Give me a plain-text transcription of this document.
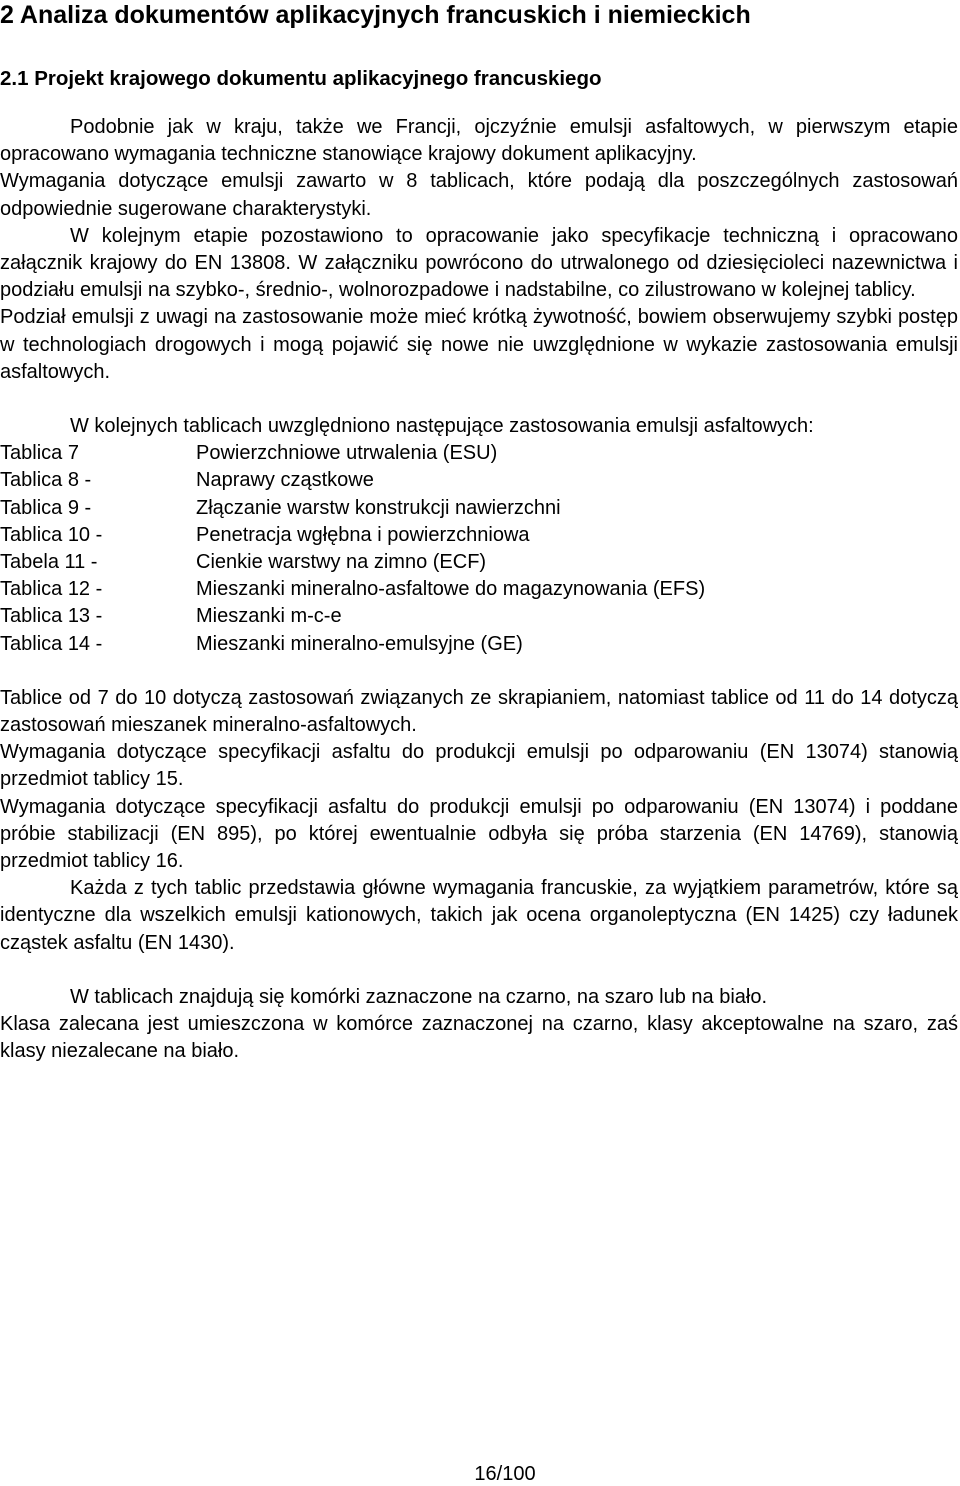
2 Analiza dokumentów aplikacyjnych francuskich i niemieckich
2.1 Projekt krajowego dokumentu aplikacyjnego francuskiego

Podobnie jak w kraju, także we Francji, ojczyźnie emulsji asfaltowych, w pierwszym etapie opracowano wymagania techniczne stanowiące krajowy dokument aplikacyjny.

Wymagania dotyczące emulsji zawarto w 8 tablicach, które podają dla poszczególnych zastosowań odpowiednie sugerowane charakterystyki.

W kolejnym etapie pozostawiono to opracowanie jako specyfikacje techniczną i opracowano załącznik krajowy do EN 13808. W załączniku powrócono do utrwalonego od dziesięcioleci nazewnictwa i podziału emulsji na szybko-, średnio-, wolnorozpadowe i nadstabilne, co zilustrowano w kolejnej tablicy.

Podział emulsji z uwagi na zastosowanie może mieć krótką żywotność, bowiem obserwujemy szybki postęp w technologiach drogowych i mogą pojawić się nowe nie uwzględnione w wykazie zastosowania emulsji asfaltowych.

W kolejnych tablicach uwzględniono następujące zastosowania emulsji asfaltowych:

Tablica 7	Powierzchniowe utrwalenia (ESU)
Tablica 8 -	Naprawy cząstkowe
Tablica 9 -	Złączanie warstw konstrukcji nawierzchni
Tablica 10 -	Penetracja wgłębna i powierzchniowa
Tabela 11 -	Cienkie warstwy na zimno (ECF)
Tablica 12 -	Mieszanki mineralno-asfaltowe do magazynowania (EFS)
Tablica 13 -	Mieszanki m-c-e
Tablica 14 -	Mieszanki mineralno-emulsyjne (GE)

Tablice od 7 do 10 dotyczą zastosowań związanych ze skrapianiem, natomiast tablice od 11 do 14 dotyczą zastosowań mieszanek mineralno-asfaltowych.

Wymagania dotyczące specyfikacji asfaltu do produkcji emulsji po odparowaniu (EN 13074) stanowią przedmiot tablicy 15.

Wymagania dotyczące specyfikacji asfaltu do produkcji emulsji po odparowaniu (EN 13074) i poddane próbie stabilizacji (EN 895), po której ewentualnie odbyła się próba starzenia (EN 14769), stanowią przedmiot tablicy 16.

Każda z tych tablic przedstawia główne wymagania francuskie, za wyjątkiem parametrów, które są identyczne dla wszelkich emulsji kationowych, takich jak ocena organoleptyczna (EN 1425) czy ładunek cząstek asfaltu (EN 1430).

W tablicach znajdują się komórki zaznaczone na czarno, na szaro lub na biało.

Klasa zalecana jest umieszczona w komórce zaznaczonej na czarno, klasy akceptowalne na szaro, zaś klasy niezalecane na biało.

16/100
